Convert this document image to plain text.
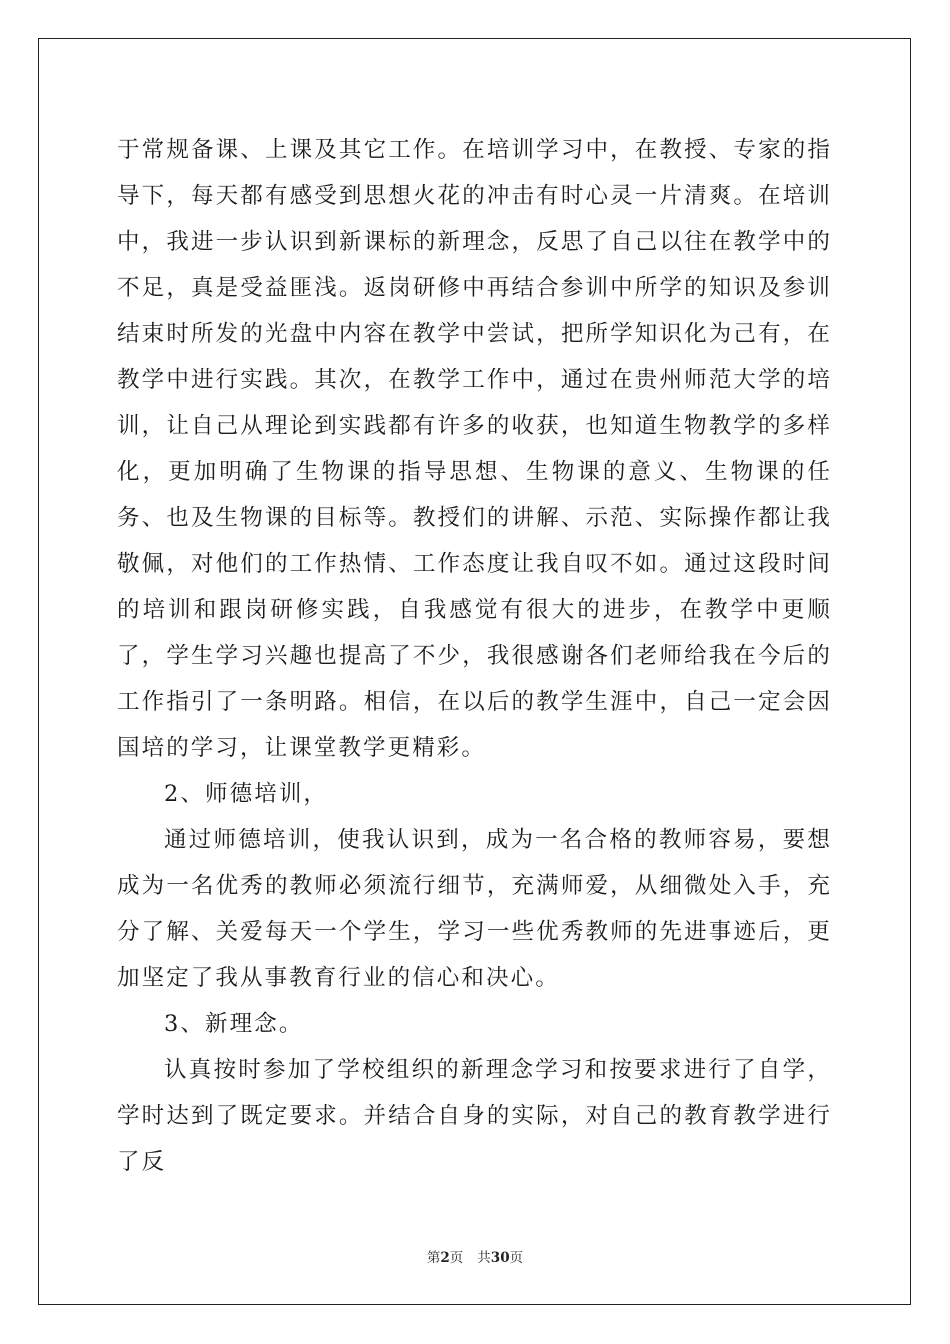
于常规备课、上课及其它工作。在培训学习中，在教授、专家的指导下，每天都有感受到思想火花的冲击有时心灵一片清爽。在培训中，我进一步认识到新课标的新理念，反思了自己以往在教学中的不足，真是受益匪浅。返岗研修中再结合参训中所学的知识及参训结束时所发的光盘中内容在教学中尝试，把所学知识化为己有，在教学中进行实践。其次，在教学工作中，通过在贵州师范大学的培训，让自己从理论到实践都有许多的收获，也知道生物教学的多样化，更加明确了生物课的指导思想、生物课的意义、生物课的任务、也及生物课的目标等。教授们的讲解、示范、实际操作都让我敬佩，对他们的工作热情、工作态度让我自叹不如。通过这段时间的培训和跟岗研修实践，自我感觉有很大的进步，在教学中更顺了，学生学习兴趣也提高了不少，我很感谢各们老师给我在今后的工作指引了一条明路。相信，在以后的教学生涯中，自己一定会因国培的学习，让课堂教学更精彩。

2、师德培训，

通过师德培训，使我认识到，成为一名合格的教师容易，要想成为一名优秀的教师必须流行细节，充满师爱，从细微处入手，充分了解、关爱每天一个学生，学习一些优秀教师的先进事迹后，更加坚定了我从事教育行业的信心和决心。

3、新理念。

认真按时参加了学校组织的新理念学习和按要求进行了自学，学时达到了既定要求。并结合自身的实际，对自己的教育教学进行了反

第2页 共30页
